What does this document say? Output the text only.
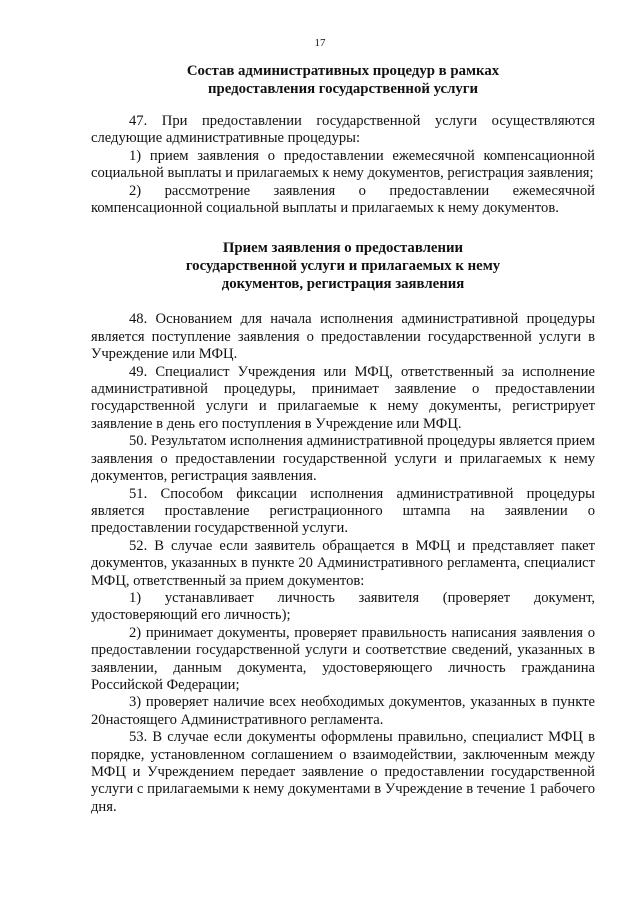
17
Состав административных процедур в рамках
предоставления государственной услуги

47. При предоставлении государственной услуги осуществляются следующие административные процедуры:

1) прием заявления о предоставлении ежемесячной компенсационной социальной выплаты и прилагаемых к нему документов, регистрация заявления;

2) рассмотрение заявления о предоставлении ежемесячной компенсационной социальной выплаты и прилагаемых к нему документов.

Прием заявления о предоставлении
государственной услуги и прилагаемых к нему
документов, регистрация заявления

48. Основанием для начала исполнения административной процедуры является поступление заявления о предоставлении государственной услуги в Учреждение или МФЦ.

49. Специалист Учреждения или МФЦ, ответственный за исполнение административной процедуры, принимает заявление о предоставлении государственной услуги и прилагаемые к нему документы, регистрирует заявление в день его поступления в Учреждение или МФЦ.

50. Результатом исполнения административной процедуры является прием заявления о предоставлении государственной услуги и прилагаемых к нему документов, регистрация заявления.

51. Способом фиксации исполнения административной процедуры является проставление регистрационного штампа на заявлении о предоставлении государственной услуги.

52. В случае если заявитель обращается в МФЦ и представляет пакет документов, указанных в пункте 20 Административного регламента, специалист МФЦ, ответственный за прием документов:

1) устанавливает личность заявителя (проверяет документ, удостоверяющий его личность);

2) принимает документы, проверяет правильность написания заявления о предоставлении государственной услуги и соответствие сведений, указанных в заявлении, данным документа, удостоверяющего личность гражданина Российской Федерации;

3) проверяет наличие всех необходимых документов, указанных в пункте 20настоящего Административного регламента.

53. В случае если документы оформлены правильно, специалист МФЦ в порядке, установленном соглашением о взаимодействии, заключенным между МФЦ и Учреждением передает заявление о предоставлении государственной услуги с прилагаемыми к нему документами в Учреждение в течение 1 рабочего дня.
